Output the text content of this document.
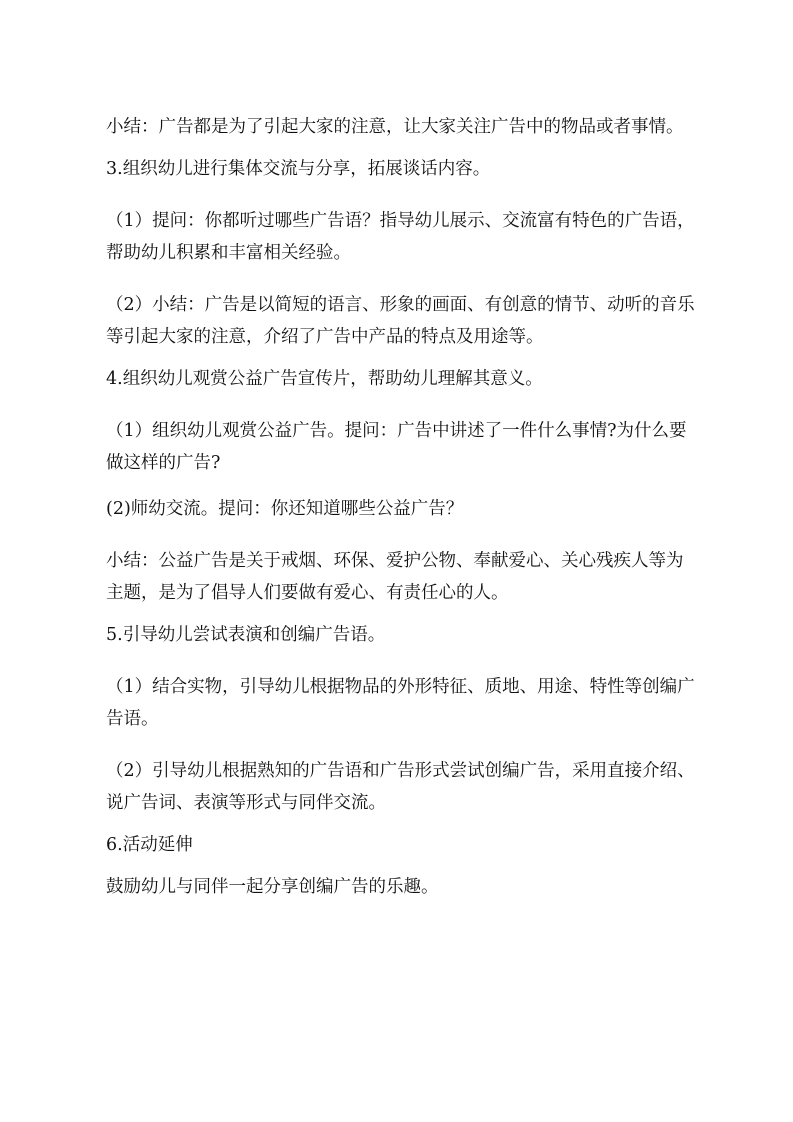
小结：广告都是为了引起大家的注意，让大家关注广告中的物品或者事情。

3.组织幼儿进行集体交流与分享，拓展谈话内容。

（1）提问：你都听过哪些广告语？指导幼儿展示、交流富有特色的广告语，帮助幼儿积累和丰富相关经验。

（2）小结：广告是以简短的语言、形象的画面、有创意的情节、动听的音乐等引起大家的注意，介绍了广告中产品的特点及用途等。

4.组织幼儿观赏公益广告宣传片，帮助幼儿理解其意义。

（1）组织幼儿观赏公益广告。提问：广告中讲述了一件什么事情?为什么要做这样的广告?

(2)师幼交流。提问：你还知道哪些公益广告？

小结：公益广告是关于戒烟、环保、爱护公物、奉献爱心、关心残疾人等为主题，是为了倡导人们要做有爱心、有责任心的人。

5.引导幼儿尝试表演和创编广告语。

（1）结合实物，引导幼儿根据物品的外形特征、质地、用途、特性等创编广告语。

（2）引导幼儿根据熟知的广告语和广告形式尝试创编广告，采用直接介绍、说广告词、表演等形式与同伴交流。

6.活动延伸

鼓励幼儿与同伴一起分享创编广告的乐趣。
